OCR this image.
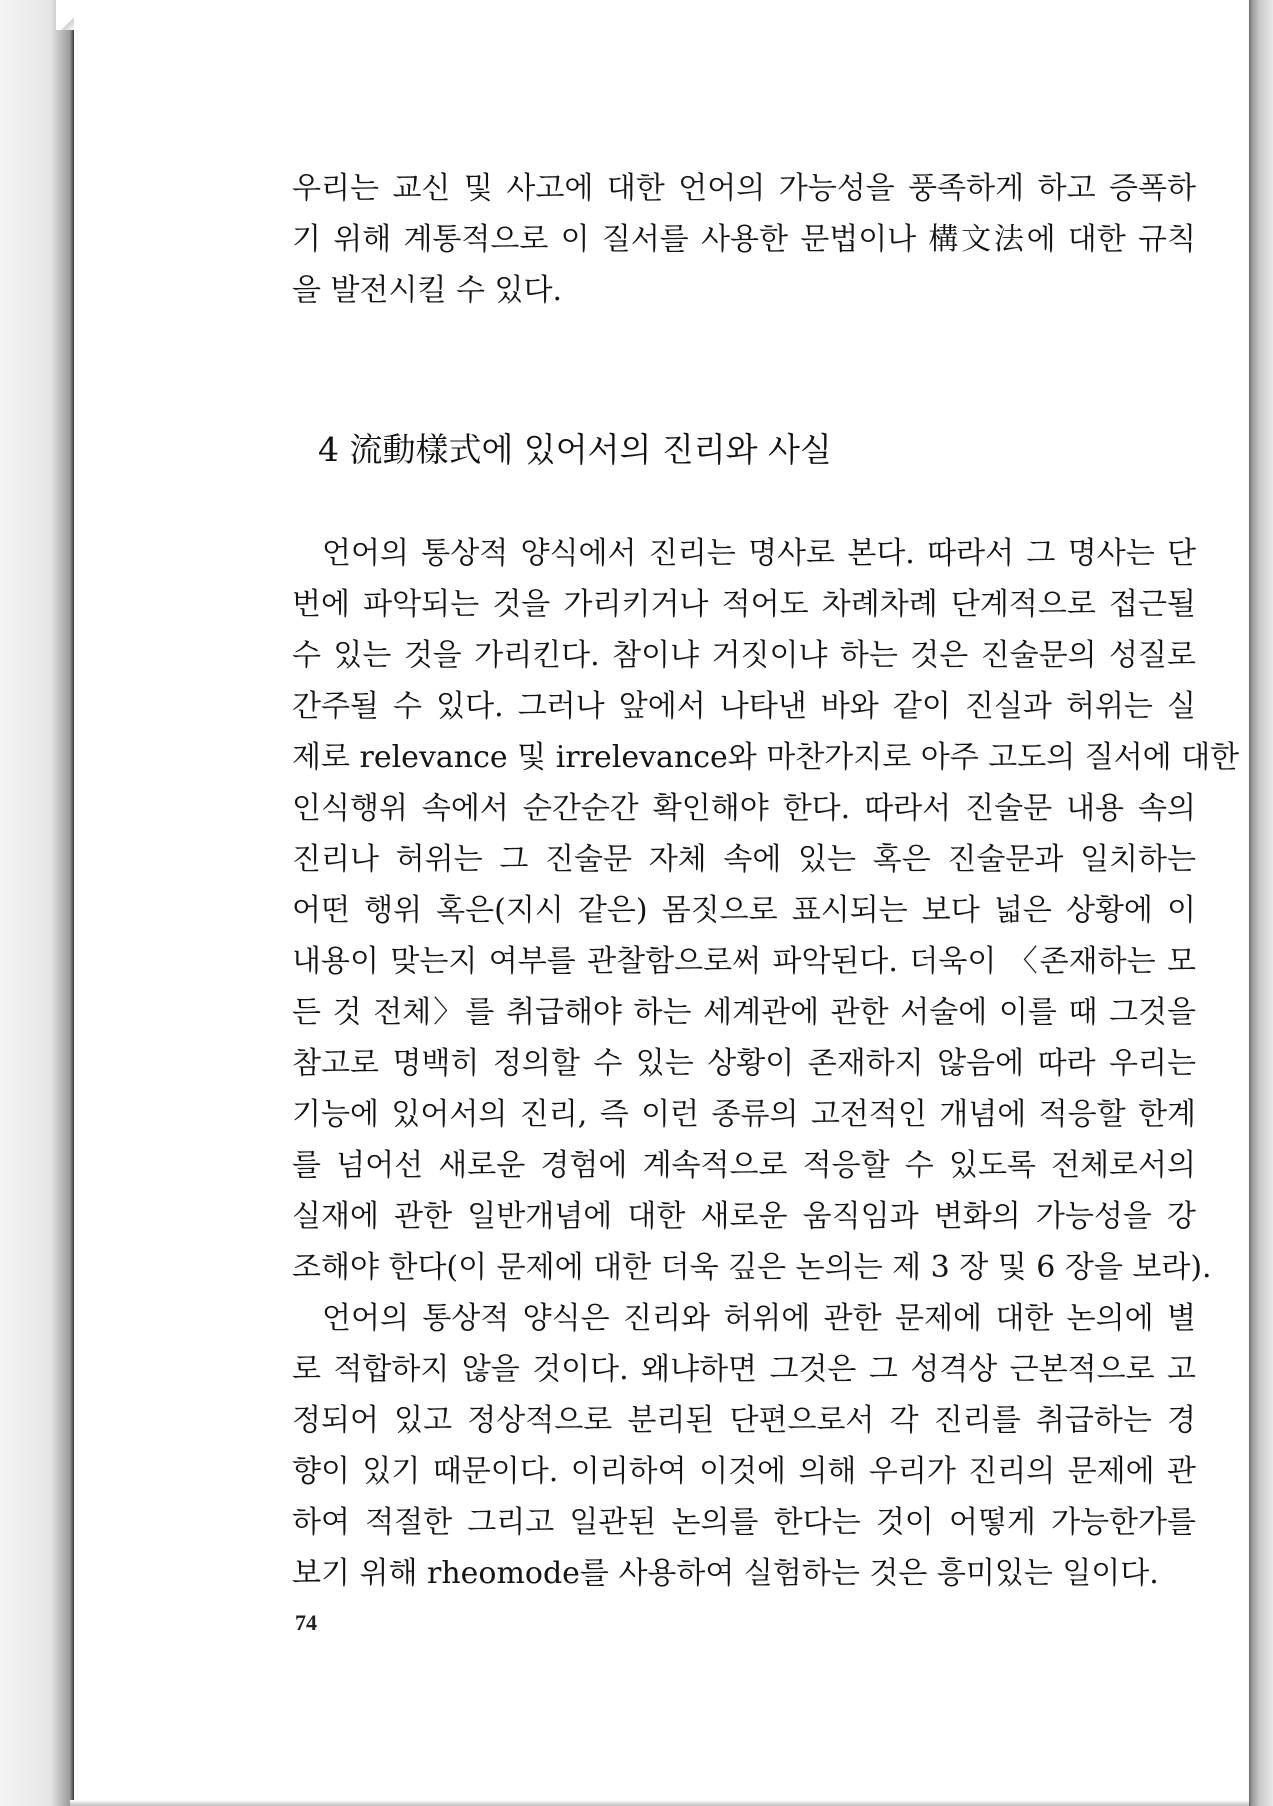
우리는 교신 및 사고에 대한 언어의 가능성을 풍족하게 하고 증폭하
기 위해 계통적으로 이 질서를 사용한 문법이나 構文法에 대한 규칙
을 발전시킬 수 있다.
4 流動樣式에 있어서의 진리와 사실
언어의 통상적 양식에서 진리는 명사로 본다. 따라서 그 명사는 단
번에 파악되는 것을 가리키거나 적어도 차례차례 단계적으로 접근될
수 있는 것을 가리킨다. 참이냐 거짓이냐 하는 것은 진술문의 성질로
간주될 수 있다. 그러나 앞에서 나타낸 바와 같이 진실과 허위는 실
제로 relevance 및 irrelevance와 마찬가지로 아주 고도의 질서에 대한
인식행위 속에서 순간순간 확인해야 한다. 따라서 진술문 내용 속의
진리나 허위는 그 진술문 자체 속에 있는 혹은 진술문과 일치하는
어떤 행위 혹은(지시 같은) 몸짓으로 표시되는 보다 넓은 상황에 이
내용이 맞는지 여부를 관찰함으로써 파악된다. 더욱이 〈존재하는 모
든 것 전체〉를 취급해야 하는 세계관에 관한 서술에 이를 때 그것을
참고로 명백히 정의할 수 있는 상황이 존재하지 않음에 따라 우리는
기능에 있어서의 진리, 즉 이런 종류의 고전적인 개념에 적응할 한계
를 넘어선 새로운 경험에 계속적으로 적응할 수 있도록 전체로서의
실재에 관한 일반개념에 대한 새로운 움직임과 변화의 가능성을 강
조해야 한다(이 문제에 대한 더욱 깊은 논의는 제 3 장 및 6 장을 보라).
언어의 통상적 양식은 진리와 허위에 관한 문제에 대한 논의에 별
로 적합하지 않을 것이다. 왜냐하면 그것은 그 성격상 근본적으로 고
정되어 있고 정상적으로 분리된 단편으로서 각 진리를 취급하는 경
향이 있기 때문이다. 이리하여 이것에 의해 우리가 진리의 문제에 관
하여 적절한 그리고 일관된 논의를 한다는 것이 어떻게 가능한가를
보기 위해 rheomode를 사용하여 실험하는 것은 흥미있는 일이다.
74
